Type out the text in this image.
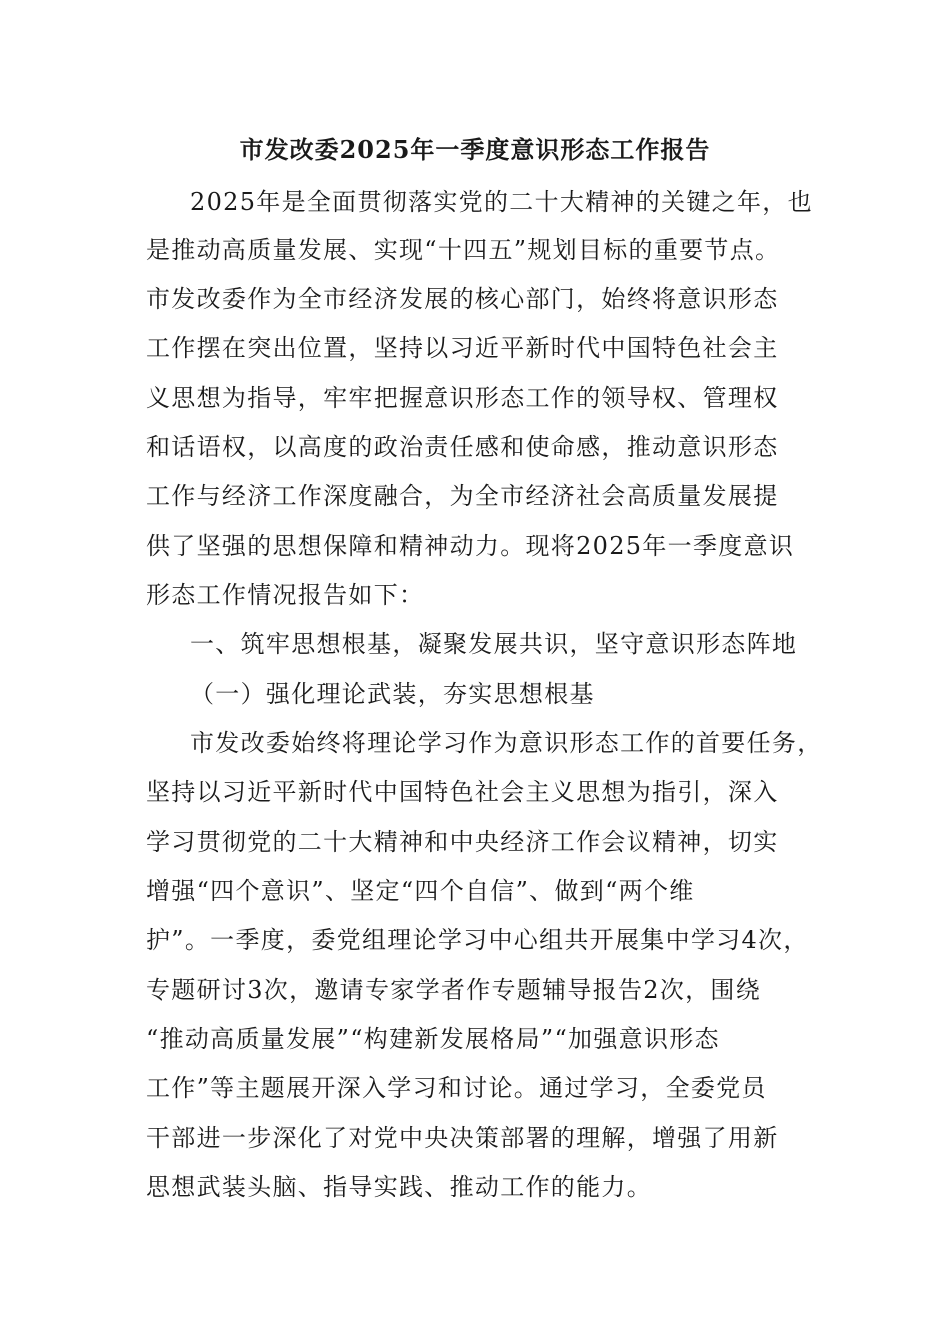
市发改委2025年一季度意识形态工作报告
2025年是全面贯彻落实党的二十大精神的关键之年，也
是推动高质量发展、实现“十四五”规划目标的重要节点。
市发改委作为全市经济发展的核心部门，始终将意识形态
工作摆在突出位置，坚持以习近平新时代中国特色社会主
义思想为指导，牢牢把握意识形态工作的领导权、管理权
和话语权，以高度的政治责任感和使命感，推动意识形态
工作与经济工作深度融合，为全市经济社会高质量发展提
供了坚强的思想保障和精神动力。现将2025年一季度意识
形态工作情况报告如下：
一、筑牢思想根基，凝聚发展共识，坚守意识形态阵地
（一）强化理论武装，夯实思想根基
市发改委始终将理论学习作为意识形态工作的首要任务，
坚持以习近平新时代中国特色社会主义思想为指引，深入
学习贯彻党的二十大精神和中央经济工作会议精神，切实
增强“四个意识”、坚定“四个自信”、做到“两个维
护”。一季度，委党组理论学习中心组共开展集中学习4次，
专题研讨3次，邀请专家学者作专题辅导报告2次，围绕
“推动高质量发展”“构建新发展格局”“加强意识形态
工作”等主题展开深入学习和讨论。通过学习，全委党员
干部进一步深化了对党中央决策部署的理解，增强了用新
思想武装头脑、指导实践、推动工作的能力。
